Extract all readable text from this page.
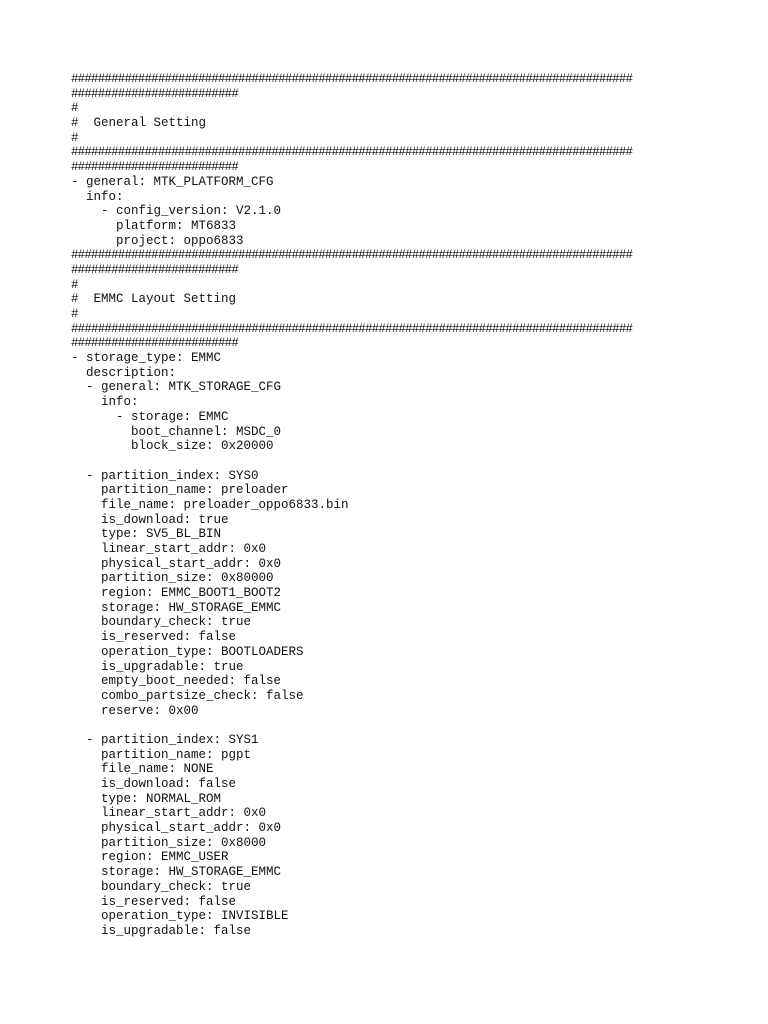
####################################################################################
#########################
#
#  General Setting
#
####################################################################################
#########################
- general: MTK_PLATFORM_CFG
info:
- config_version: V2.1.0
platform: MT6833
project: oppo6833
####################################################################################
#########################
#
#  EMMC Layout Setting
#
####################################################################################
#########################
- storage_type: EMMC
description:
- general: MTK_STORAGE_CFG
info:
- storage: EMMC
boot_channel: MSDC_0
block_size: 0x20000
- partition_index: SYS0
partition_name: preloader
file_name: preloader_oppo6833.bin
is_download: true
type: SV5_BL_BIN
linear_start_addr: 0x0
physical_start_addr: 0x0
partition_size: 0x80000
region: EMMC_BOOT1_BOOT2
storage: HW_STORAGE_EMMC
boundary_check: true
is_reserved: false
operation_type: BOOTLOADERS
is_upgradable: true
empty_boot_needed: false
combo_partsize_check: false
reserve: 0x00
- partition_index: SYS1
partition_name: pgpt
file_name: NONE
is_download: false
type: NORMAL_ROM
linear_start_addr: 0x0
physical_start_addr: 0x0
partition_size: 0x8000
region: EMMC_USER
storage: HW_STORAGE_EMMC
boundary_check: true
is_reserved: false
operation_type: INVISIBLE
is_upgradable: false
